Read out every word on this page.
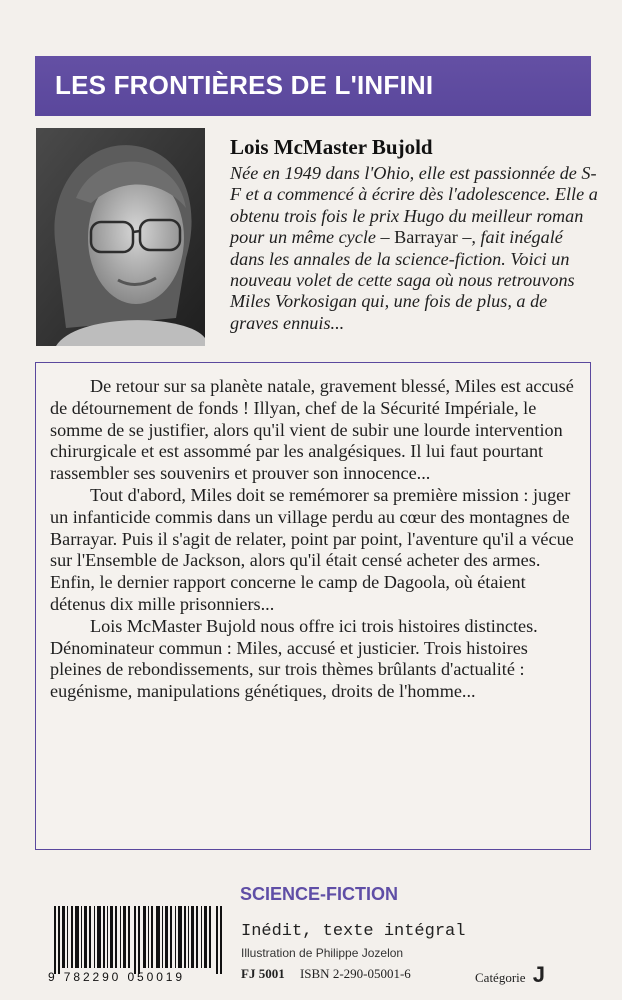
LES FRONTIÈRES DE L'INFINI
Lois McMaster Bujold

Née en 1949 dans l'Ohio, elle est passionnée de S-F et a commencé à écrire dès l'adolescence. Elle a obtenu trois fois le prix Hugo du meilleur roman pour un même cycle – Barrayar –, fait inégalé dans les annales de la science-fiction. Voici un nouveau volet de cette saga où nous retrouvons Miles Vorkosigan qui, une fois de plus, a de graves ennuis...

De retour sur sa planète natale, gravement blessé, Miles est accusé de détournement de fonds ! Illyan, chef de la Sécurité Impériale, le somme de se justifier, alors qu'il vient de subir une lourde intervention chirurgicale et est assommé par les analgésiques. Il lui faut pourtant rassembler ses souvenirs et prouver son innocence...

Tout d'abord, Miles doit se remémorer sa première mission : juger un infanticide commis dans un village perdu au cœur des montagnes de Barrayar. Puis il s'agit de relater, point par point, l'aventure qu'il a vécue sur l'Ensemble de Jackson, alors qu'il était censé acheter des armes. Enfin, le dernier rapport concerne le camp de Dagoola, où étaient détenus dix mille prisonniers...

Lois McMaster Bujold nous offre ici trois histoires distinctes. Dénominateur commun : Miles, accusé et justicier. Trois histoires pleines de rebondissements, sur trois thèmes brûlants d'actualité : eugénisme, manipulations génétiques, droits de l'homme...

SCIENCE-FICTION
9 782290 050019
Inédit, texte intégral
Illustration de Philippe Jozelon
FJ 5001 ISBN 2-290-05001-6	Catégorie J
